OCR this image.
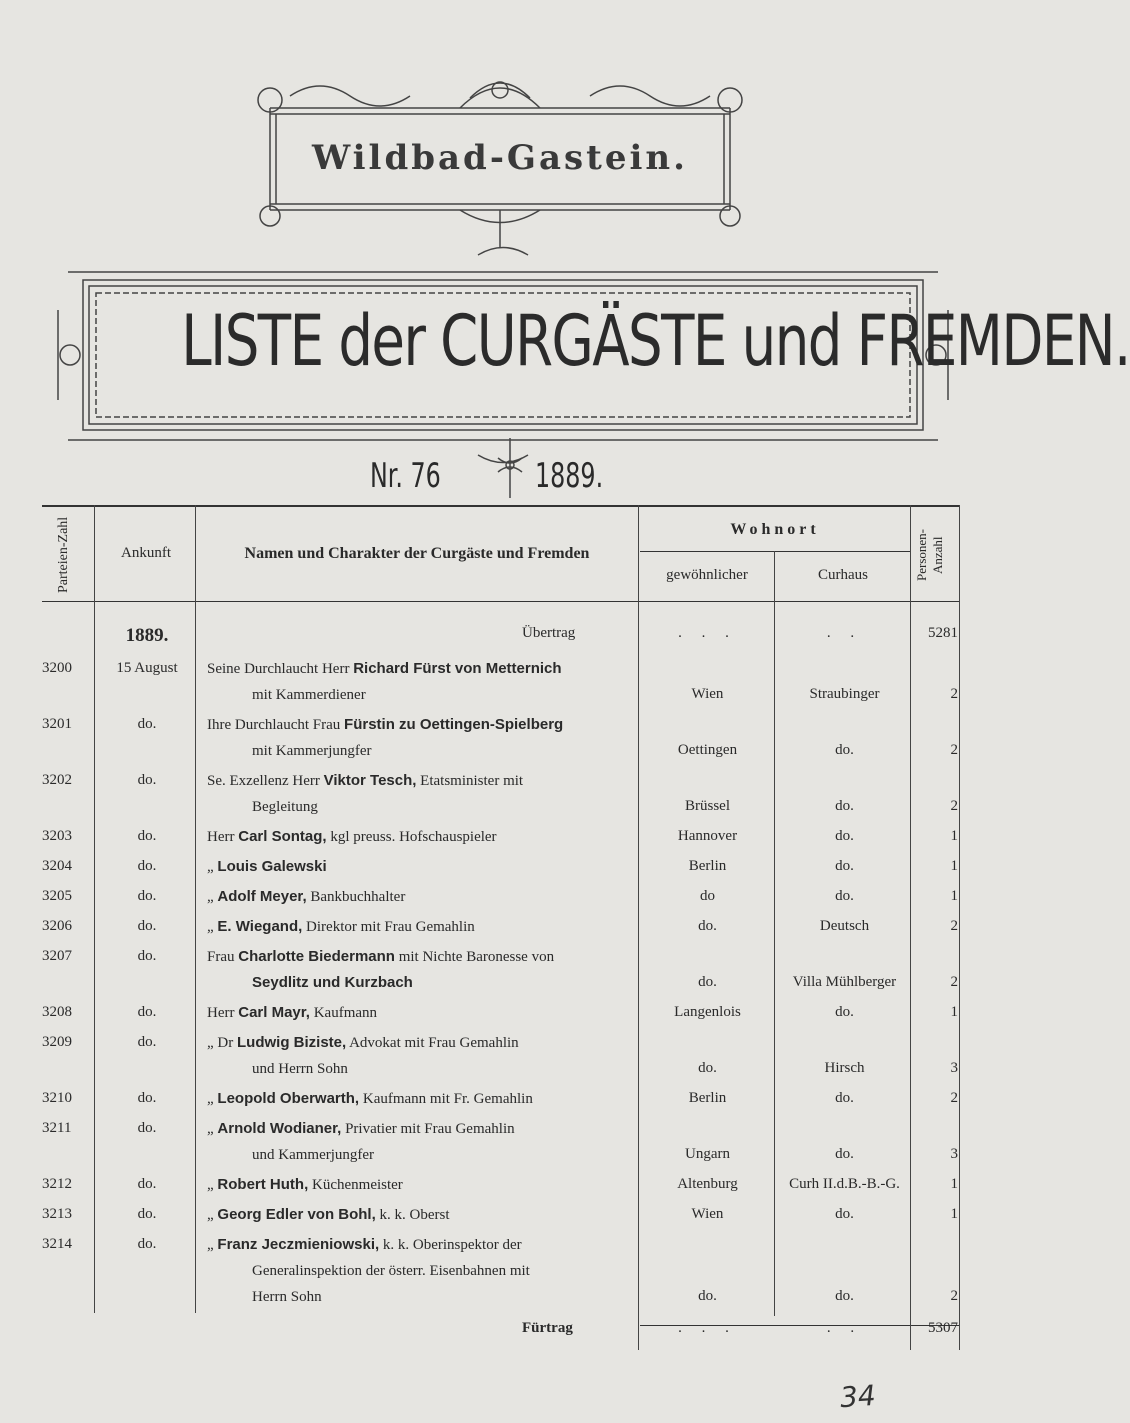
Wildbad-Gastein.
LISTE der CURGÄSTE und FREMDEN.
Nr. 76	1889.
Parteien-Zahl	Ankunft	Namen und Charakter der Curgäste und Fremden
Wohnort
gewöhnlicher	Curhaus	Personen-Anzahl
1889.	Übertrag	. . .	. .	5281
3200	15 August	Seine Durchlaucht Herr Richard Fürst von Metternich
mit Kammerdiener	Wien	Straubinger	2
3201	do.	Ihre Durchlaucht Frau Fürstin zu Oettingen-Spielberg
mit Kammerjungfer	Oettingen	do.	2
3202	do.	Se. Exzellenz Herr Viktor Tesch, Etatsminister mit
Begleitung	Brüssel	do.	2
3203	do.	Herr Carl Sontag, kgl preuss. Hofschauspieler	Hannover	do.	1
3204	do.	„ Louis Galewski	Berlin	do.	1
3205	do.	„ Adolf Meyer, Bankbuchhalter	do	do.	1
3206	do.	„ E. Wiegand, Direktor mit Frau Gemahlin	do.	Deutsch	2
3207	do.	Frau Charlotte Biedermann mit Nichte Baronesse von
Seydlitz und Kurzbach	do.	Villa Mühlberger	2
3208	do.	Herr Carl Mayr, Kaufmann	Langenlois	do.	1
3209	do.	„ Dr Ludwig Biziste, Advokat mit Frau Gemahlin
und Herrn Sohn	do.	Hirsch	3
3210	do.	„ Leopold Oberwarth, Kaufmann mit Fr. Gemahlin	Berlin	do.	2
3211	do.	„ Arnold Wodianer, Privatier mit Frau Gemahlin
und Kammerjungfer	Ungarn	do.	3
3212	do.	„ Robert Huth, Küchenmeister	Altenburg	Curh II.d.B.-B.-G.	1
3213	do.	„ Georg Edler von Bohl, k. k. Oberst	Wien	do.	1
3214	do.	„ Franz Jeczmieniowski, k. k. Oberinspektor der
Generalinspektion der österr. Eisenbahnen mit
Herrn Sohn	do.	do.	2
Fürtrag	. . .	. .	5307
34
